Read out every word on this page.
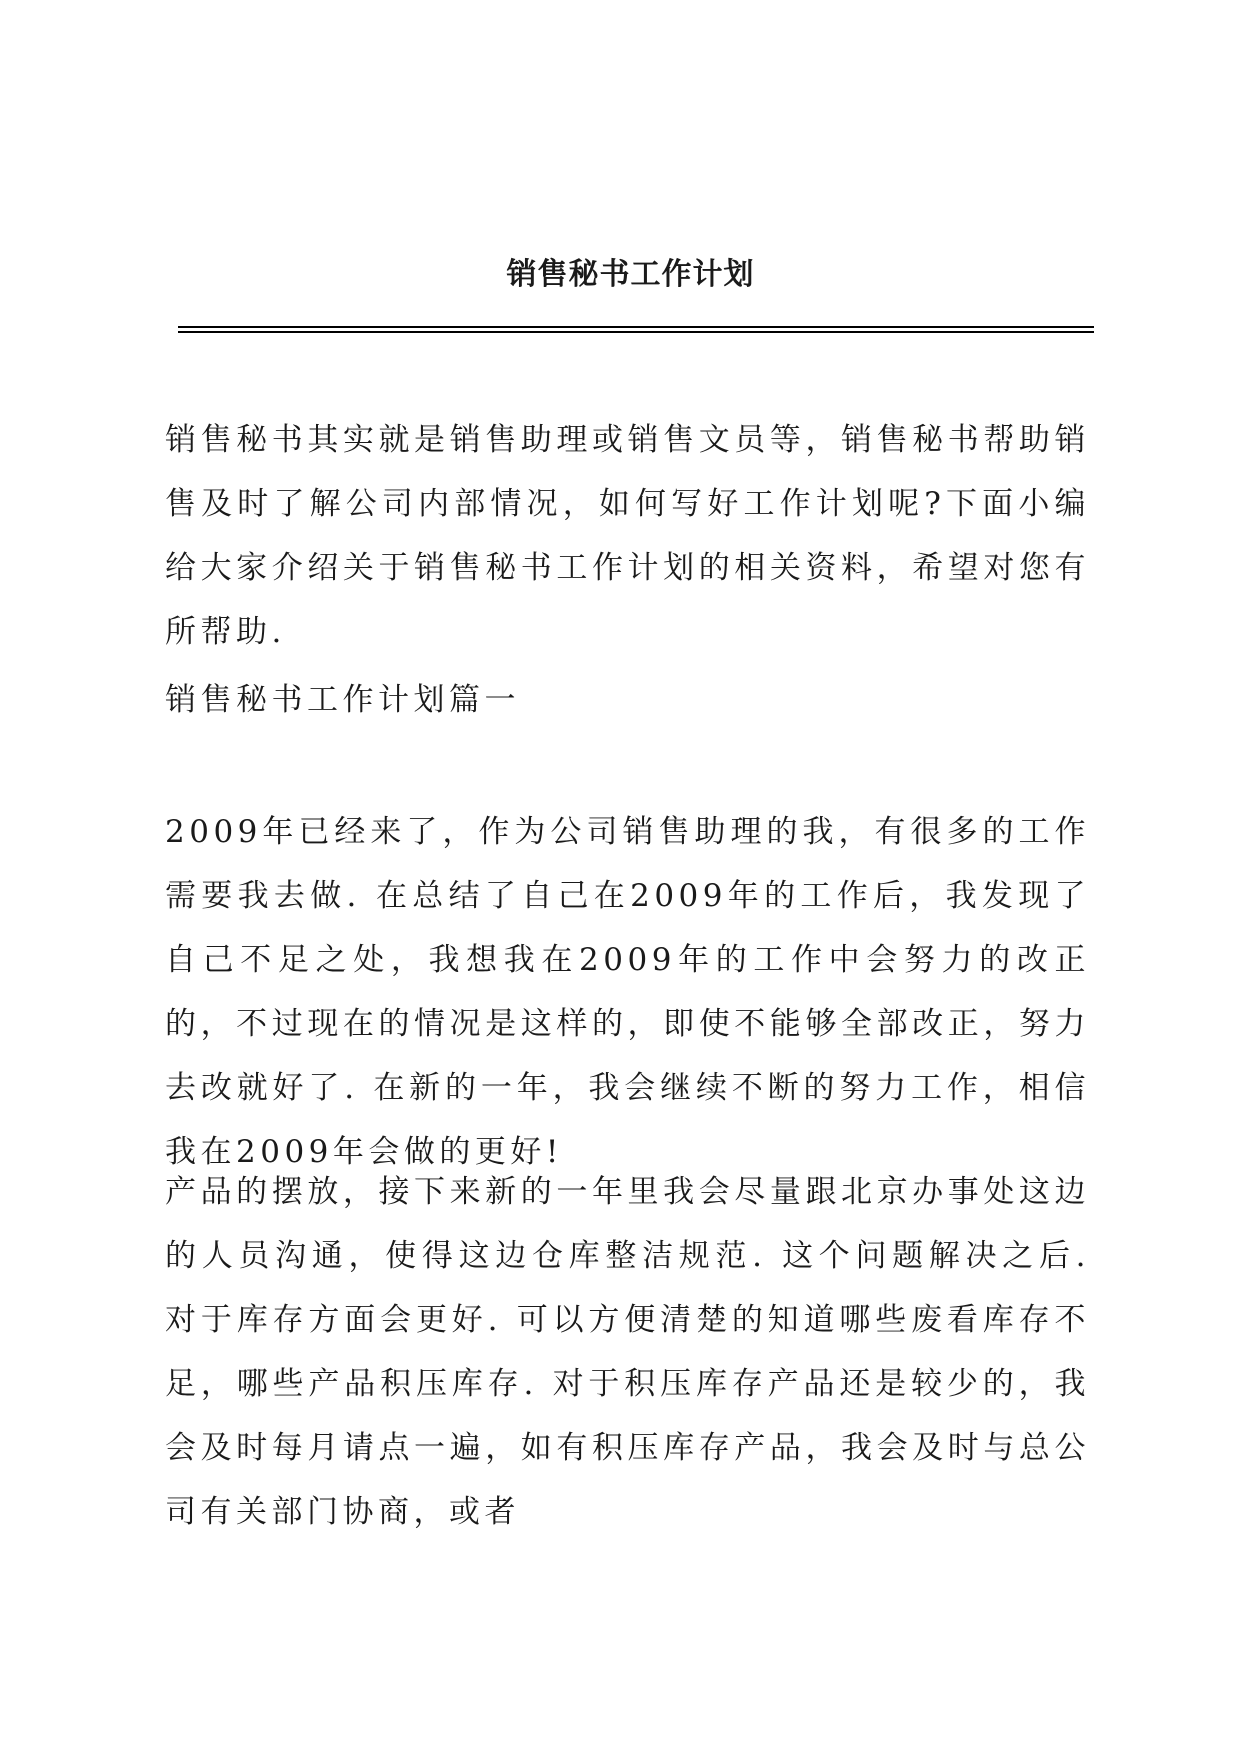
销售秘书工作计划

销售秘书其实就是销售助理或销售文员等，销售秘书帮助销售及时了解公司内部情况，如何写好工作计划呢?下面小编给大家介绍关于销售秘书工作计划的相关资料，希望对您有所帮助.

销售秘书工作计划篇一

2009年已经来了，作为公司销售助理的我，有很多的工作需要我去做. 在总结了自己在2009年的工作后，我发现了自己不足之处，我想我在2009年的工作中会努力的改正的，不过现在的情况是这样的，即使不能够全部改正，努力去改就好了. 在新的一年，我会继续不断的努力工作，相信我在2009年会做的更好!

产品的摆放，接下来新的一年里我会尽量跟北京办事处这边的人员沟通，使得这边仓库整洁规范. 这个问题解决之后. 对于库存方面会更好. 可以方便清楚的知道哪些废看库存不足，哪些产品积压库存. 对于积压库存产品还是较少的，我会及时每月请点一遍，如有积压库存产品，我会及时与总公司有关部门协商，或者
